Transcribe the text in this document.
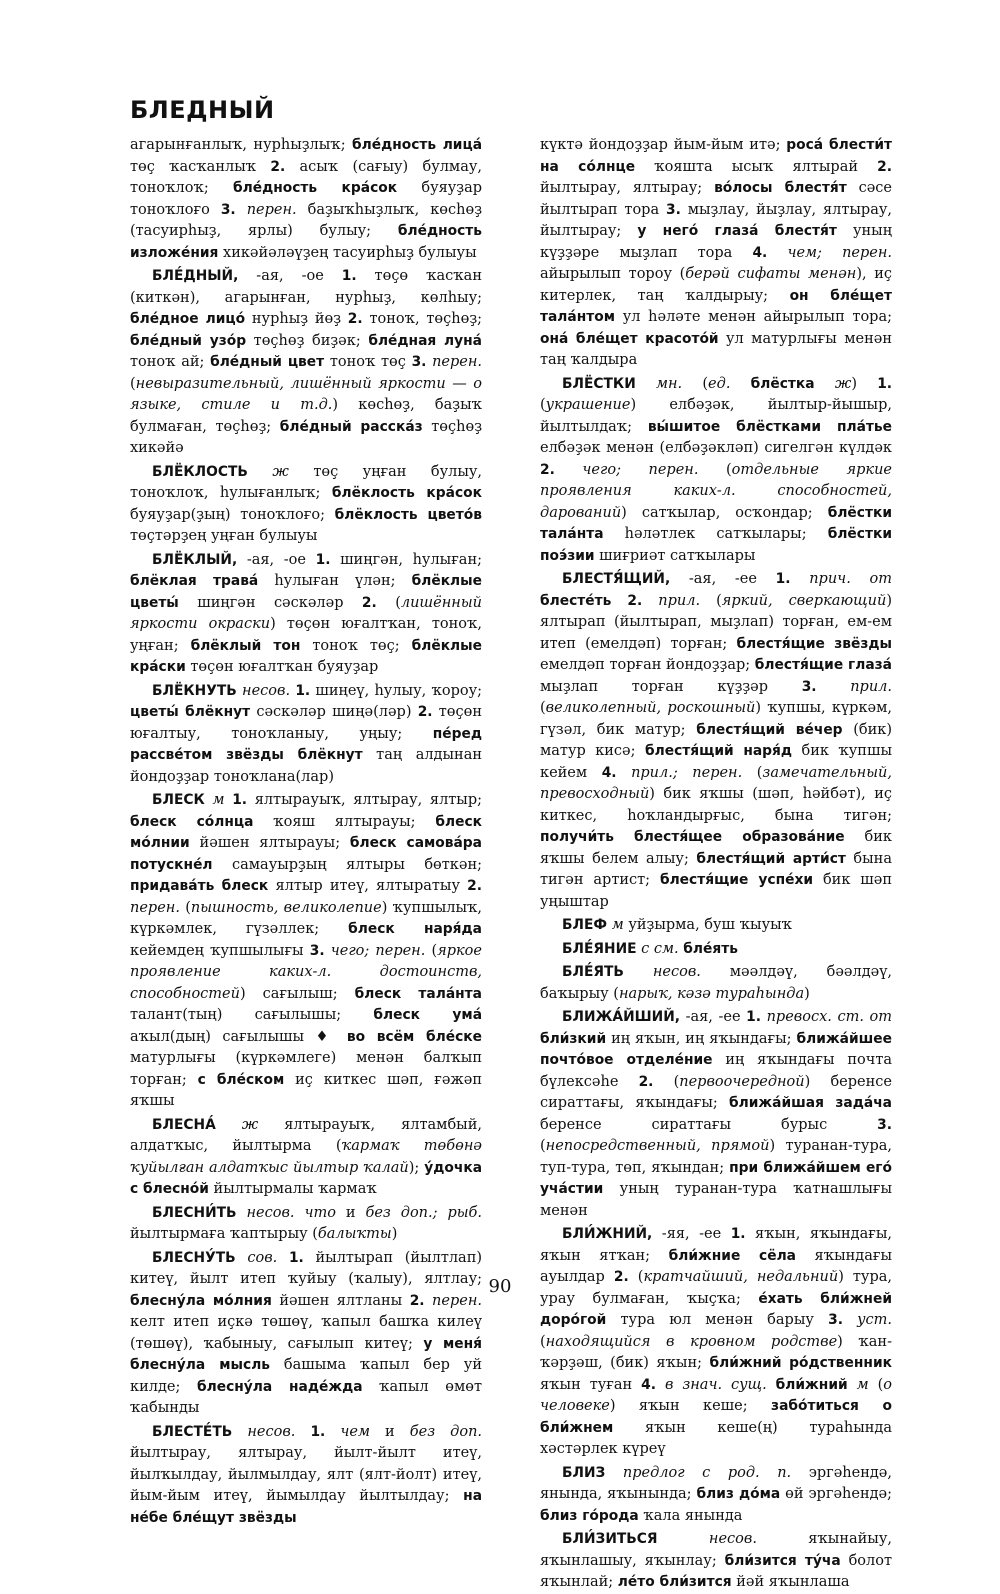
БЛЕДНЫЙ

агарынғанлыҡ, нурһыҙлыҡ; бле́дность лица́ төҫ ҡасҡанлыҡ 2. асыҡ (сағыу) булмау, тоноҡлоҡ; бле́дность кра́сок буяуҙар тоноҡлоғо 3. перен. баҙыҡһыҙлыҡ, көсһөҙ (тасуирһыҙ, ярлы) булыу; бле́дность изложе́ния хикәйәләүҙең тасуирһыҙ булыуы

БЛЕ́ДНЫЙ, -ая, -ое 1. төҫө ҡасҡан (киткән), агарынған, нурһыҙ, көлһыу; бле́дное лицо́ нурһыҙ йөҙ 2. тоноҡ, төҫһөҙ; бле́дный узо́р төҫһөҙ биҙәк; бле́дная луна́ тоноҡ ай; бле́дный цвет тоноҡ төҫ 3. перен. (невыразительный, лишённый яркости — о языке, стиле и т.д.) көсһөҙ, баҙыҡ булмаған, төҫһөҙ; бле́дный расска́з төҫһөҙ хикәйә

БЛЁКЛОСТЬ ж төҫ уңған булыу, тоноҡлоҡ, һулығанлыҡ; блёклость кра́сок буяуҙар(ҙың) тоноҡлоғо; блёклость цвето́в төҫтәрҙең уңған булыуы

БЛЁКЛЫЙ, -ая, -ое 1. шиңгән, һулыған; блёклая трава́ һулыған үлән; блёклые цветы́ шиңгән сәскәләр 2. (лишённый яркости окраски) төҫөн юғалтҡан, тоноҡ, уңған; блёклый тон тоноҡ төҫ; блёклые кра́ски төҫөн юғалтҡан буяуҙар

БЛЁКНУТЬ несов. 1. шиңеү, һулыу, ҡороу; цветы́ блёкнут сәскәләр шиңә(ләр) 2. төҫөн юғалтыу, тоноҡланыу, уңыу; пе́ред рассве́том звёзды блёкнут таң алдынан йондоҙҙар тоноҡлана(лар)

БЛЕСК м 1. ялтырауыҡ, ялтырау, ялтыр; блеск со́лнца ҡояш ялтырауы; блеск мо́лнии йәшен ялтырауы; блеск самова́ра потускне́л самауырҙың ялтыры бөткән; придава́ть блеск ялтыр итеү, ялтыратыу 2. перен. (пышность, великолепие) ҡупшылыҡ, күркәмлек, гүзәллек; блеск наря́да кейемдең ҡупшылығы 3. чего; перен. (яркое проявление каких-л. достоинств, способностей) сағылыш; блеск тала́нта талант(тың) сағылышы; блеск ума́ аҡыл(дың) сағылышы ♦ во всём бле́ске матурлығы (күркәмлеге) менән балҡып торған; с бле́ском иҫ киткес шәп, ғәжәп яҡшы

БЛЕСНА́ ж ялтырауыҡ, ялтамбый, алдатҡыс, йылтырма (ҡармаҡ төбөнә ҡуйылған алдатҡыс йылтыр ҡалай); у́дочка с блесно́й йылтырмалы ҡармаҡ

БЛЕСНИ́ТЬ несов. что и без доп.; рыб. йылтырмаға ҡаптырыу (балыҡты)

БЛЕСНУ́ТЬ сов. 1. йылтырап (йылтлап) китеү, йылт итеп ҡуйыу (ҡалыу), ялтлау; блесну́ла мо́лния йәшен ялтланы 2. перен. келт итеп иҫкә төшөү, ҡапыл башҡа килеү (төшөү), ҡабыныу, сағылып китеү; у меня́ блесну́ла мысль башыма ҡапыл бер уй килде; блесну́ла наде́жда ҡапыл өмөт ҡабынды

БЛЕСТЕ́ТЬ несов. 1. чем и без доп. йылтырау, ялтырау, йылт-йылт итеү, йылҡылдау, йылмылдау, ялт (ялт-йолт) итеү, йым-йым итеү, йымылдау йылтылдау; на не́бе бле́щут звёзды

күктә йондоҙҙар йым-йым итә; роса́ блести́т на со́лнце ҡояшта ысыҡ ялтырай 2. йылтырау, ялтырау; во́лосы блестя́т сәсе йылтырап тора 3. мыҙлау, йыҙлау, ялтырау, йылтырау; у него́ глаза́ блестя́т уның күҙҙәре мыҙлап тора 4. чем; перен. айырылып тороу (берәй сифаты менән), иҫ китерлек, таң ҡалдырыу; он бле́щет тала́нтом ул һәләте менән айырылып тора; она́ бле́щет красото́й ул матурлығы менән таң ҡалдыра

БЛЁСТКИ мн. (ед. блёстка ж) 1. (украшение) елбәҙәк, йылтыр-йышыр, йылтылдаҡ; вы́шитое блёстками пла́тье елбәҙәк менән (елбәҙәкләп) сигелгән күлдәк 2. чего; перен. (отдельные яркие проявления каких-л. способностей, дарований) сатҡылар, осҡондар; блёстки тала́нта һәләтлек сатҡылары; блёстки поэ́зии шиғриәт сатҡылары

БЛЕСТЯ́ЩИЙ, -ая, -ее 1. прич. от блесте́ть 2. прил. (яркий, сверкающий) ялтырап (йылтырап, мыҙлап) торған, ем-ем итеп (емелдәп) торған; блестя́щие звёзды емелдәп торған йондоҙҙар; блестя́щие глаза́ мыҙлап торған күҙҙәр 3. прил. (великолепный, роскошный) ҡупшы, күркәм, гүзәл, бик матур; блестя́щий ве́чер (бик) матур кисә; блестя́щий наря́д бик ҡупшы кейем 4. прил.; перен. (замечательный, превосходный) бик яҡшы (шәп, һәйбәт), иҫ киткес, һоҡландырғыс, бына тигән; получи́ть блестя́щее образова́ние бик яҡшы белем алыу; блестя́щий арти́ст бына тигән артист; блестя́щие успе́хи бик шәп уңыштар

БЛЕФ м уйҙырма, буш ҡыуыҡ

БЛЕ́ЯНИЕ с см. бле́ять

БЛЕ́ЯТЬ несов. мәәлдәү, бәәлдәү, баҡырыу (нарыҡ, кәзә тураһында)

БЛИЖА́ЙШИЙ, -ая, -ее 1. превосх. ст. от бли́зкий иң яҡын, иң яҡындағы; ближа́йшее почто́вое отделе́ние иң яҡындағы почта бүлексәһе 2. (первоочередной) беренсе сираттағы, яҡындағы; ближа́йшая зада́ча беренсе сираттағы бурыс 3. (непосредственный, прямой) туранан-тура, туп-тура, төп, яҡындан; при ближа́йшем его́ уча́стии уның туранан-тура ҡатнашлығы менән

БЛИ́ЖНИЙ, -яя, -ее 1. яҡын, яҡындағы, яҡын ятҡан; бли́жние сёла яҡындағы ауылдар 2. (кратчайший, недальний) тура, урау булмаған, ҡыҫҡа; е́хать бли́жней доро́гой тура юл менән барыу 3. уст. (находящийся в кровном родстве) ҡан-ҡәрҙәш, (бик) яҡын; бли́жний ро́дственник яҡын туған 4. в знач. сущ. бли́жний м (о человеке) яҡын кеше; забо́титься о бли́жнем яҡын кеше(ң) тураһында хәстәрлек күреү

БЛИЗ предлог с род. п. эргәһендә, янында, яҡынында; близ до́ма өй эргәһендә; близ го́рода ҡала янында

БЛИ́ЗИТЬСЯ	несов. яҡынайыу, яҡынлашыу, яҡынлау; бли́зится ту́ча болот яҡынлай; ле́то бли́зится йәй яҡынлаша

90
